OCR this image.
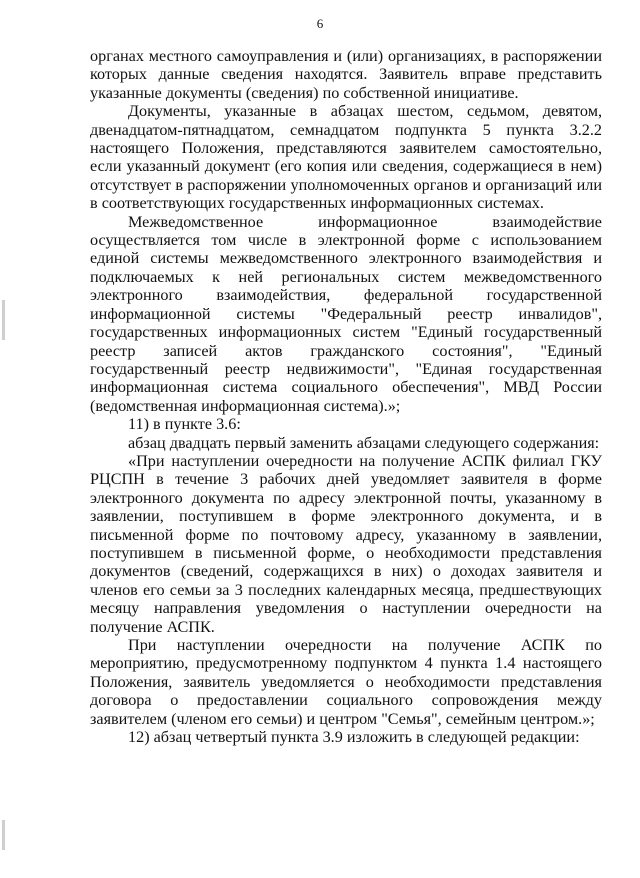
6

органах местного самоуправления и (или) организациях, в распоряжении которых данные сведения находятся. Заявитель вправе представить указанные документы (сведения) по собственной инициативе.

Документы, указанные в абзацах шестом, седьмом, девятом, двенадцатом-пятнадцатом, семнадцатом подпункта 5 пункта 3.2.2 настоящего Положения, представляются заявителем самостоятельно, если указанный документ (его копия или сведения, содержащиеся в нем) отсутствует в распоряжении уполномоченных органов и организаций или в соответствующих государственных информационных системах.

Межведомственное информационное взаимодействие осуществляется том числе в электронной форме с использованием единой системы межведомственного электронного взаимодействия и подключаемых к ней региональных систем межведомственного электронного взаимодействия, федеральной государственной информационной системы "Федеральный реестр инвалидов", государственных информационных систем "Единый государственный реестр записей актов гражданского состояния", "Единый государственный реестр недвижимости", "Единая государственная информационная система социального обеспечения", МВД России (ведомственная информационная система).»;

11) в пункте 3.6:

абзац двадцать первый заменить абзацами следующего содержания:

«При наступлении очередности на получение АСПК филиал ГКУ РЦСПН в течение 3 рабочих дней уведомляет заявителя в форме электронного документа по адресу электронной почты, указанному в заявлении, поступившем в форме электронного документа, и в письменной форме по почтовому адресу, указанному в заявлении, поступившем в письменной форме, о необходимости представления документов (сведений, содержащихся в них) о доходах заявителя и членов его семьи за 3 последних календарных месяца, предшествующих месяцу направления уведомления о наступлении очередности на получение АСПК.

При наступлении очередности на получение АСПК по мероприятию, предусмотренному подпунктом 4 пункта 1.4 настоящего Положения, заявитель уведомляется о необходимости представления договора о предоставлении социального сопровождения между заявителем (членом его семьи) и центром "Семья", семейным центром.»;

12) абзац четвертый пункта 3.9 изложить в следующей редакции:
